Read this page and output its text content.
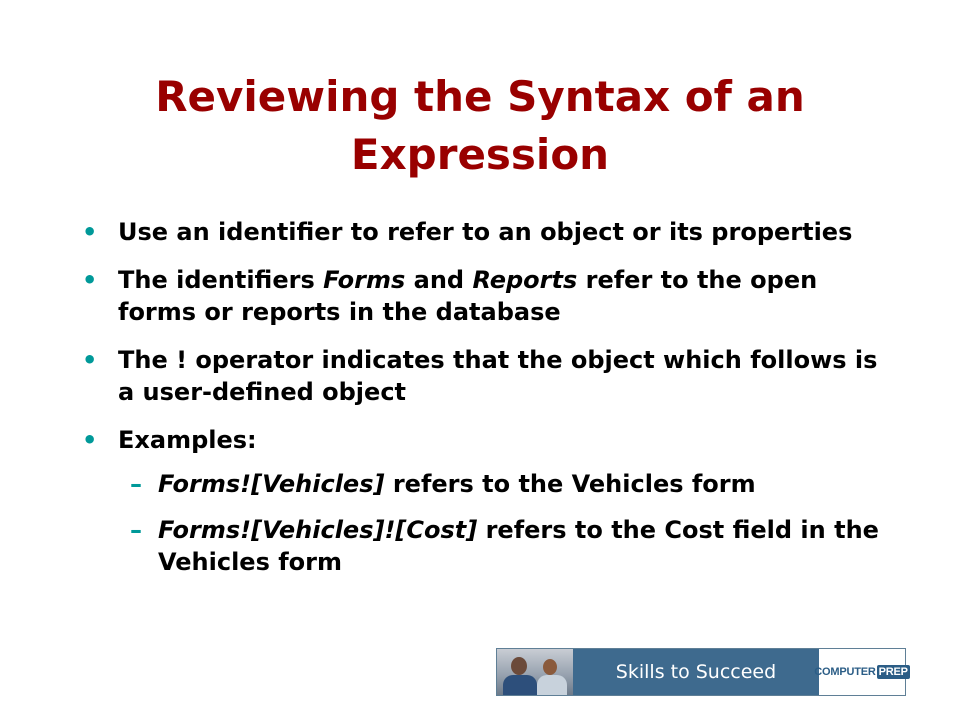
Reviewing the Syntax of an Expression
• Use an identifier to refer to an object or its properties
• The identifiers Forms and Reports refer to the open forms or reports in the database
• The ! operator indicates that the object which follows is a user-defined object
• Examples:
– Forms![Vehicles] refers to the Vehicles form
– Forms![Vehicles]![Cost] refers to the Cost field in the Vehicles form
Skills to Succeed	COMPUTER PREP
